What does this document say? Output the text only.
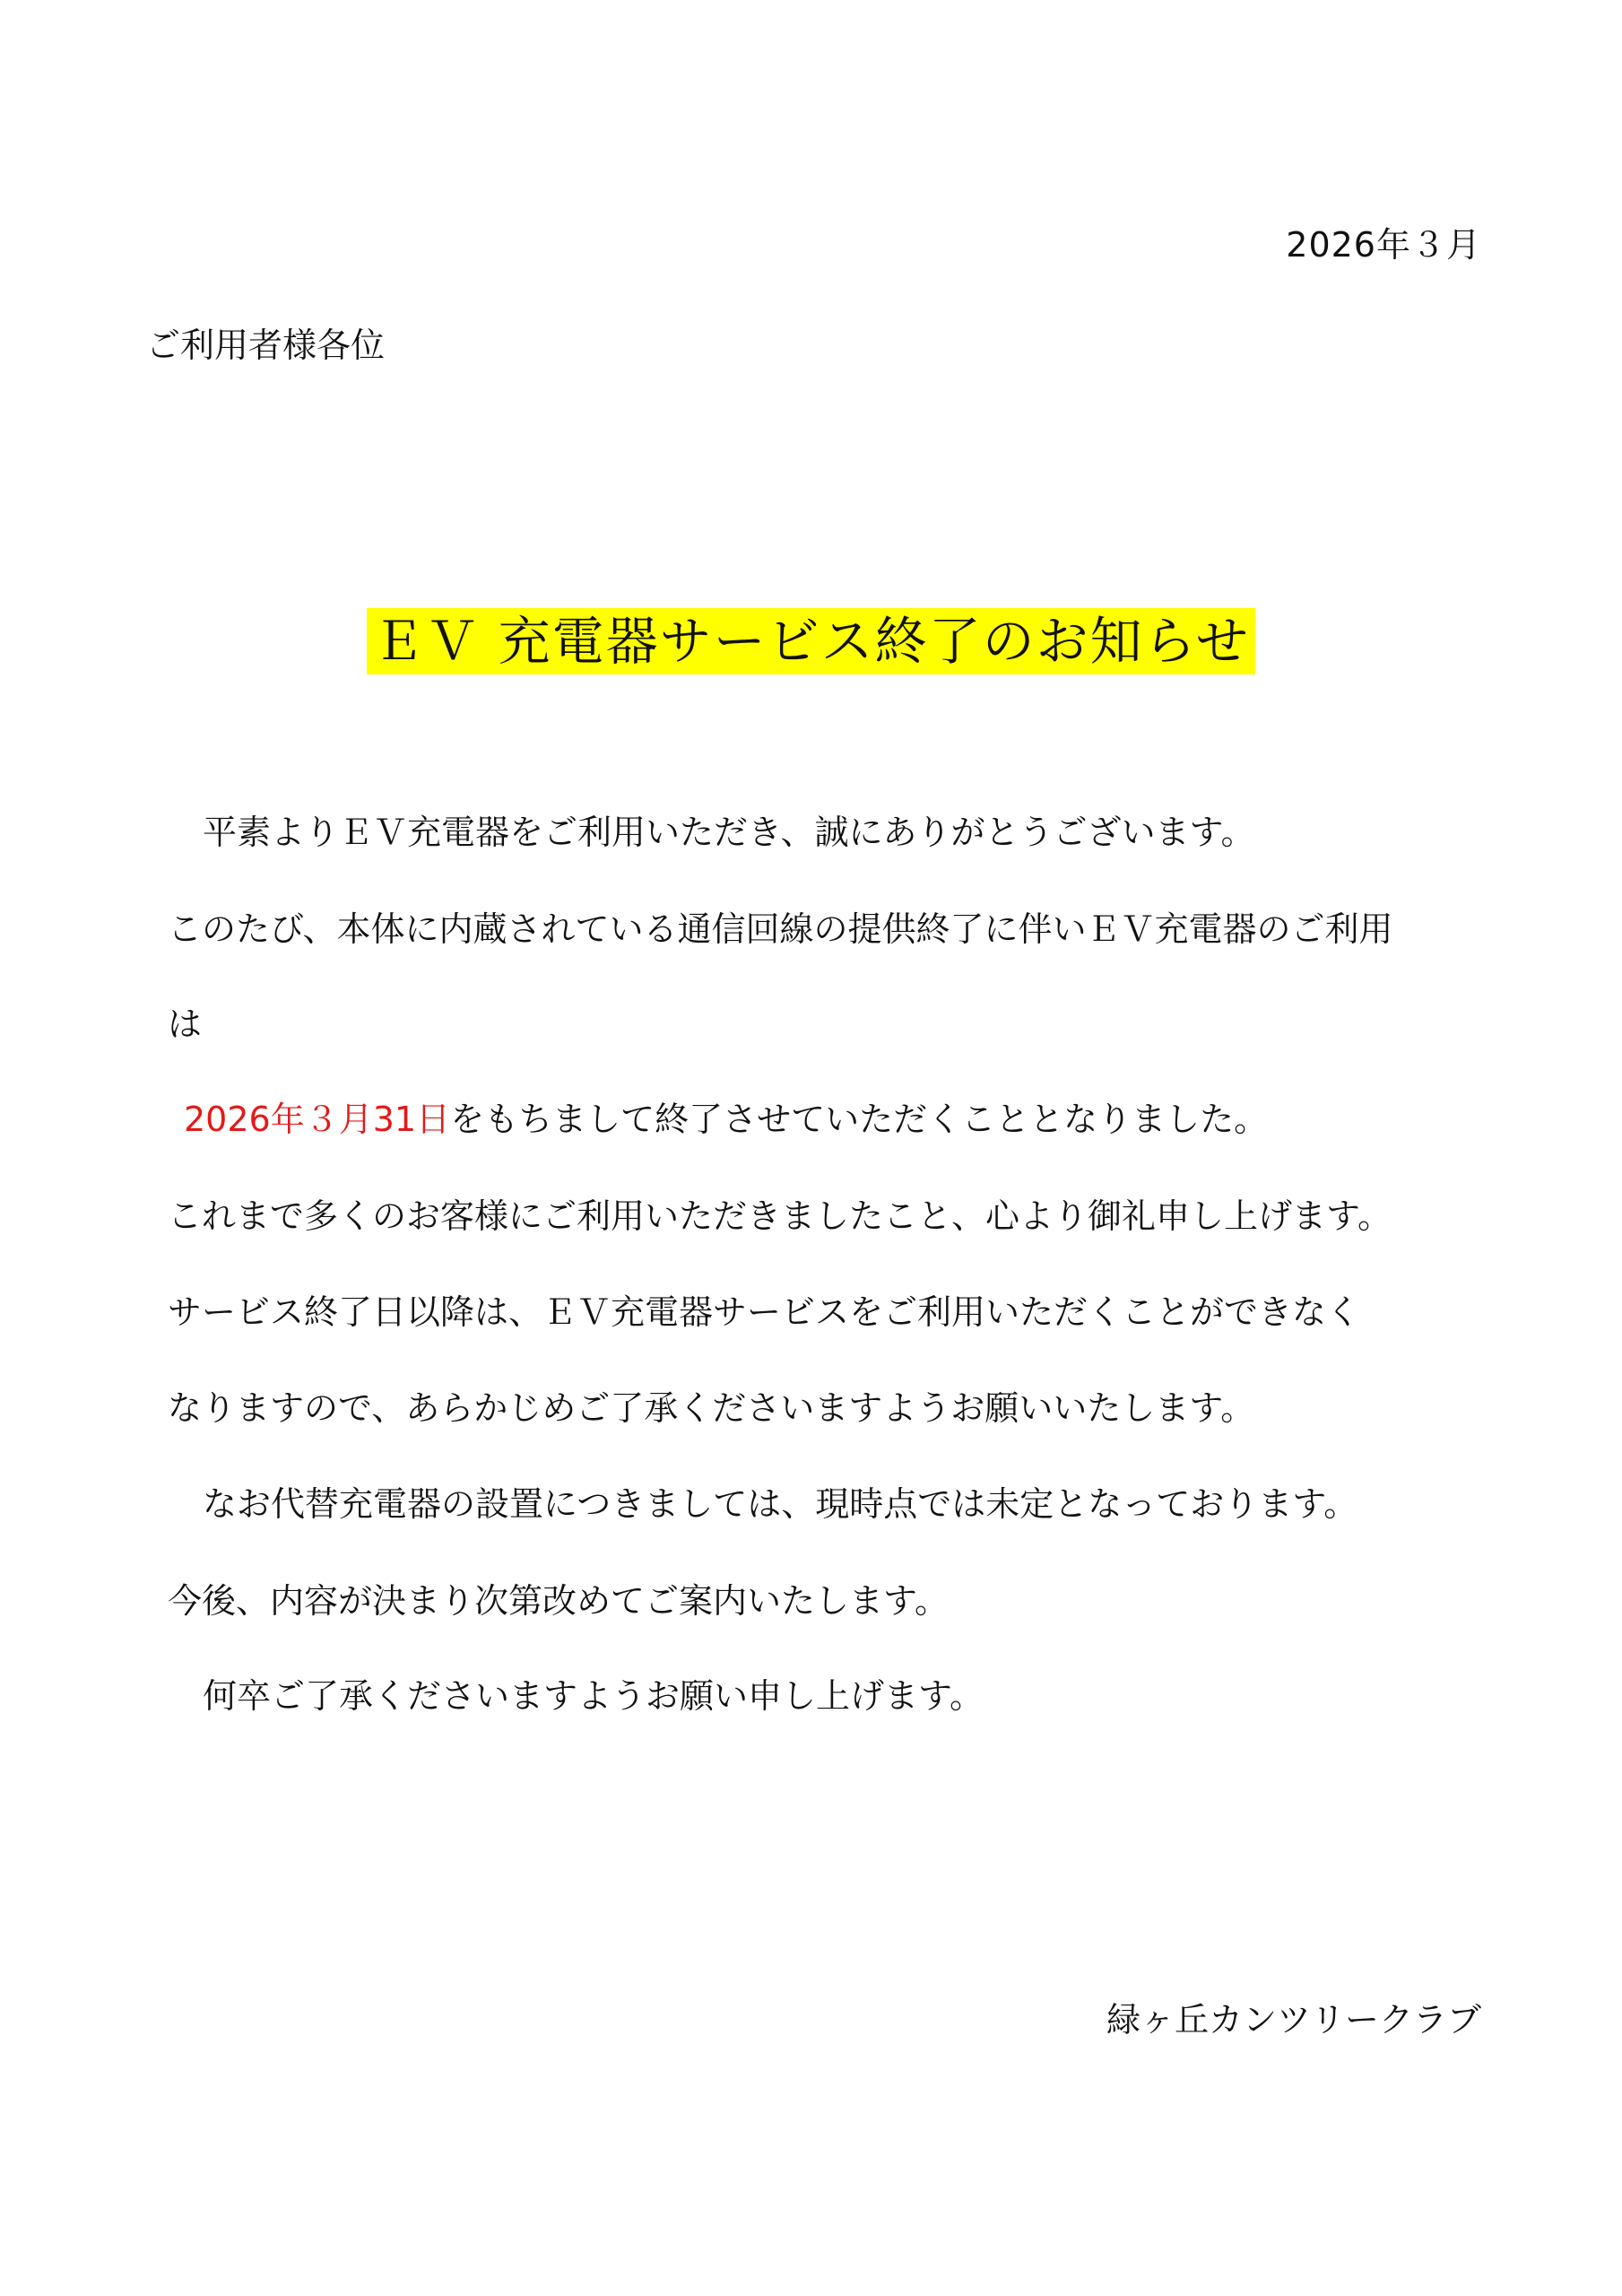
2026年３月
ご利用者様各位
ＥＶ 充電器サービス終了のお知らせ
平素よりＥＶ充電器をご利用いただき、誠にありがとうございます。
このたび、本体に内蔵されている通信回線の提供終了に伴いＥＶ充電器のご利用
は
2026年３月31日をもちまして終了させていただくこととなりました。
これまで多くのお客様にご利用いただきましたこと、心より御礼申し上げます。
サービス終了日以降は、ＥＶ充電器サービスをご利用いただくことができなく
なりますので、あらかじめご了承くださいますようお願いいたします。
なお代替充電器の設置につきましては、現時点では未定となっております。
今後、内容が決まり次第改めてご案内いたします。
何卒ご了承くださいますようお願い申し上げます。
緑ヶ丘カンツリークラブ
